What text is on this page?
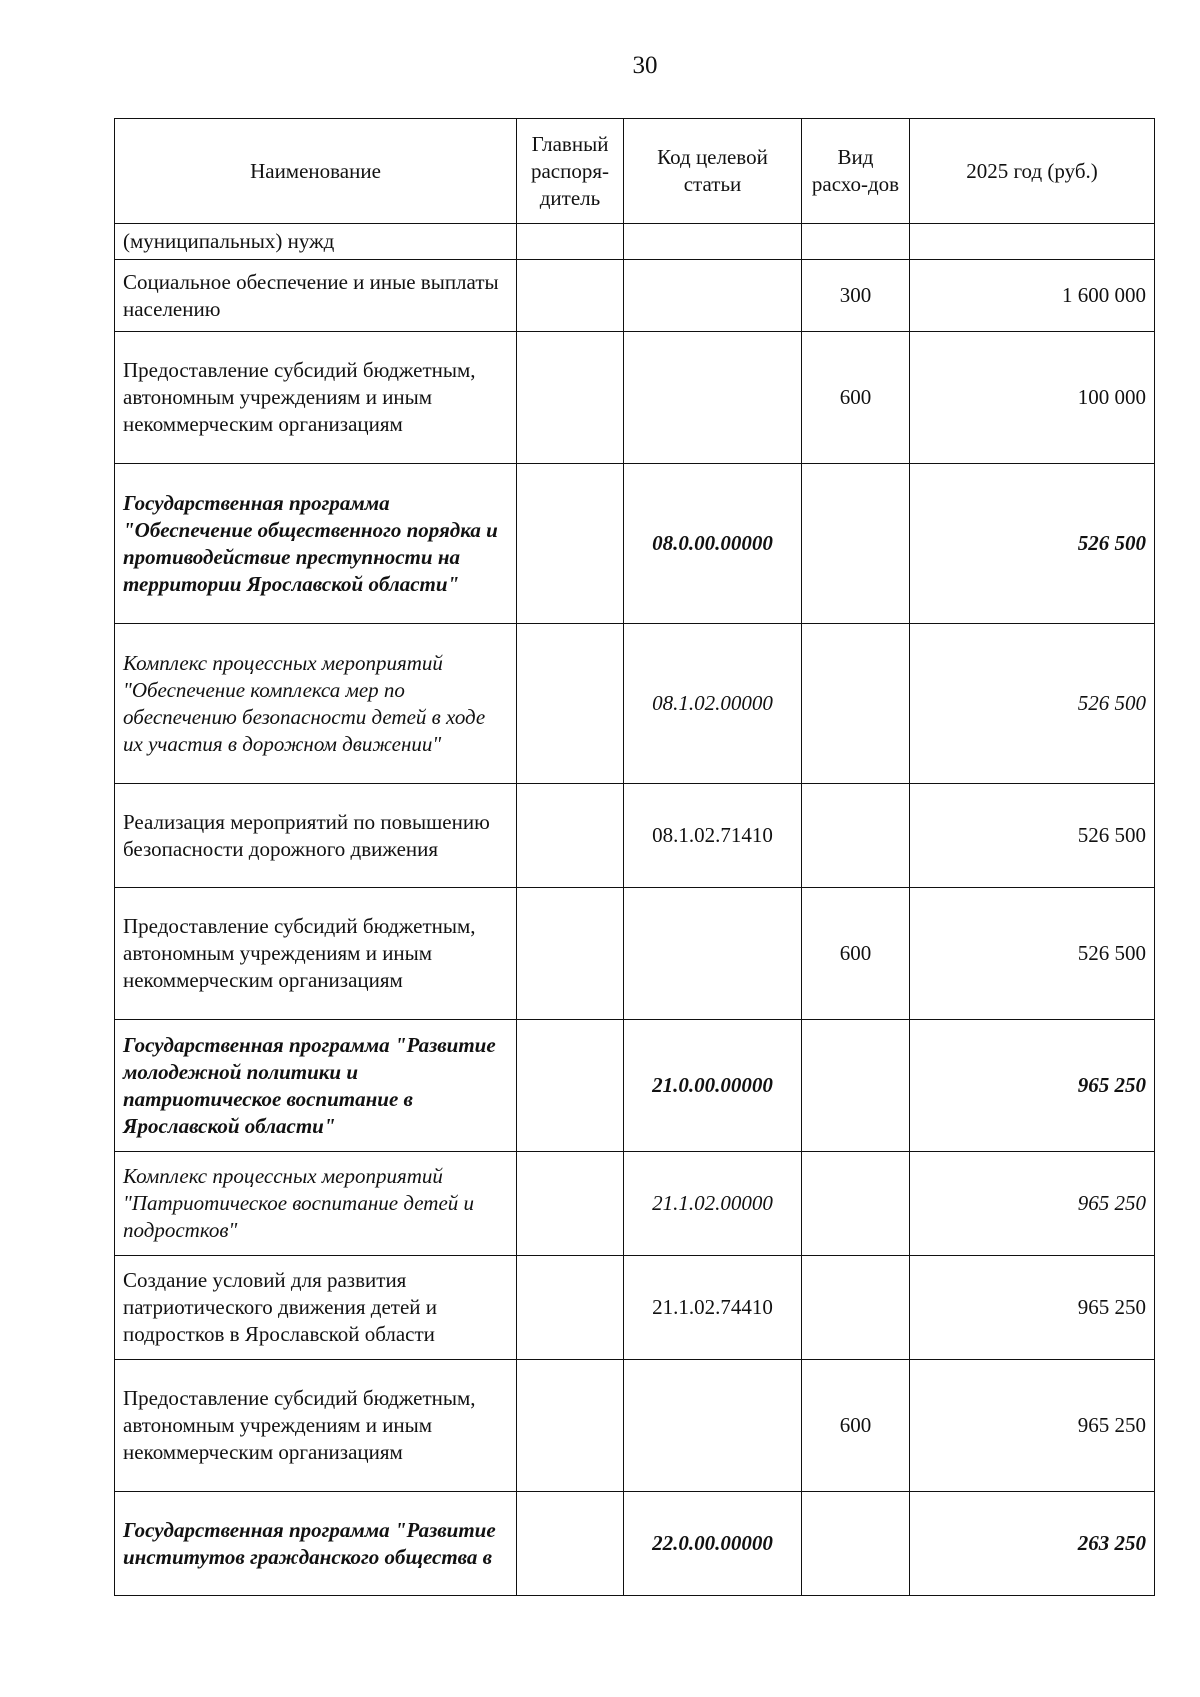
30
Наименование	Главный распоря-дитель	Код целевой статьи	Вид расхо-дов	2025 год (руб.)
(муниципальных) нужд				
Социальное обеспечение и иные выплаты населению			300	1 600 000
Предоставление субсидий бюджетным, автономным учреждениям и иным некоммерческим организациям			600	100 000
Государственная программа "Обеспечение общественного порядка и противодействие преступности на территории Ярославской области"		08.0.00.00000		526 500
Комплекс процессных мероприятий "Обеспечение комплекса мер по обеспечению безопасности детей в ходе их участия в дорожном движении"		08.1.02.00000		526 500
Реализация мероприятий по повышению безопасности дорожного движения		08.1.02.71410		526 500
Предоставление субсидий бюджетным, автономным учреждениям и иным некоммерческим организациям			600	526 500
Государственная программа "Развитие молодежной политики и патриотическое воспитание в Ярославской области"		21.0.00.00000		965 250
Комплекс процессных мероприятий "Патриотическое воспитание детей и подростков"		21.1.02.00000		965 250
Создание условий для развития патриотического движения детей и подростков в Ярославской области		21.1.02.74410		965 250
Предоставление субсидий бюджетным, автономным учреждениям и иным некоммерческим организациям			600	965 250
Государственная программа "Развитие институтов гражданского общества в		22.0.00.00000		263 250
